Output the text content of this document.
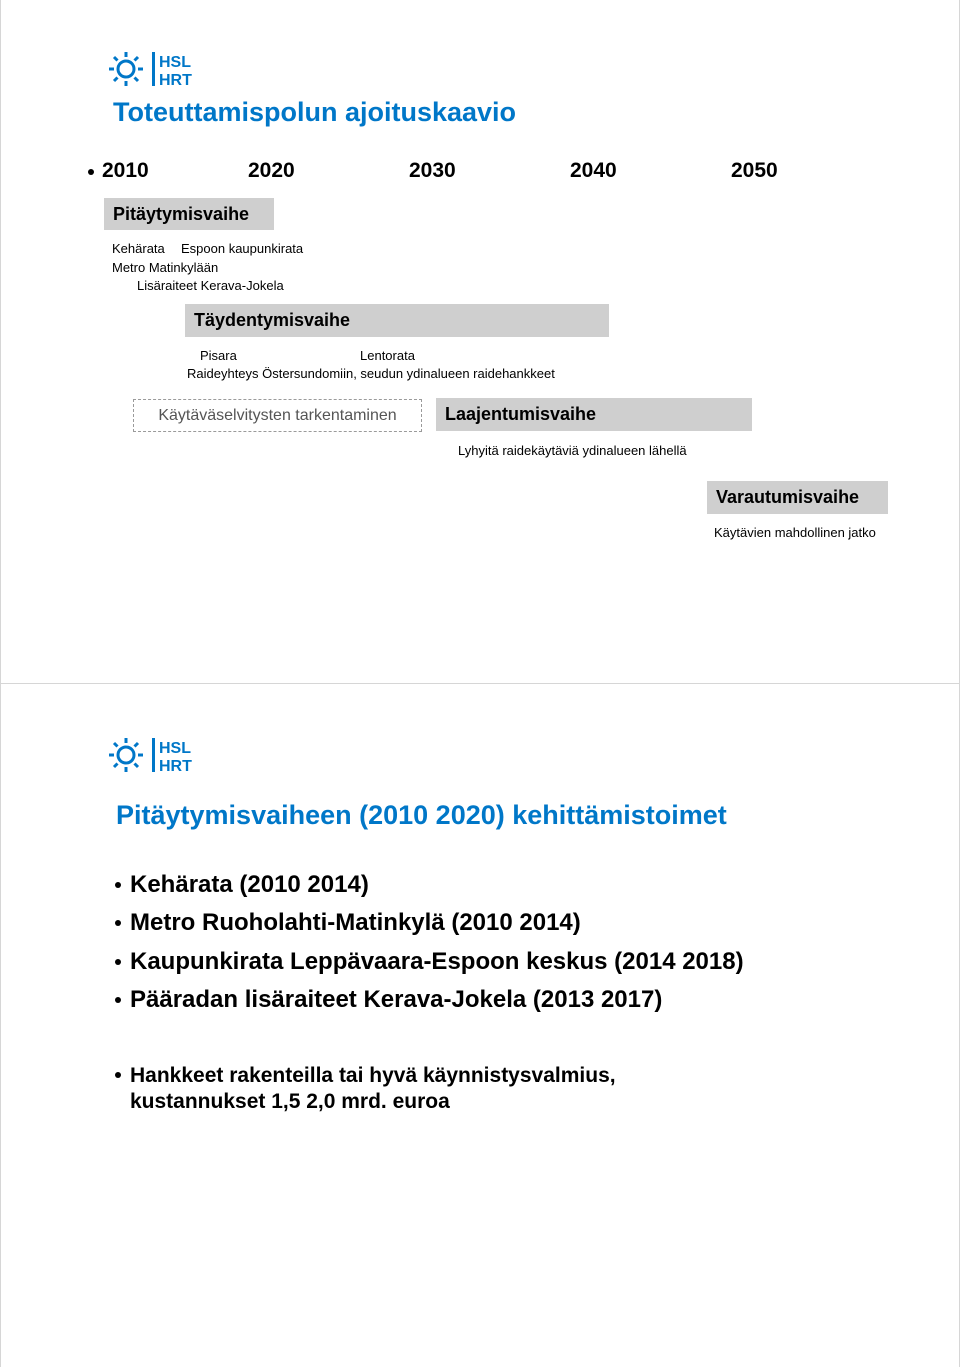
HSL
HRT
Toteuttamispolun ajoituskaavio
2010	2020	2030	2040	2050
Pitäytymisvaihe
Kehärata Espoon kaupunkirata
Metro Matinkylään
Lisäraiteet Kerava-Jokela
Täydentymisvaihe
Pisara	Lentorata
Raideyhteys Östersundomiin, seudun ydinalueen raidehankkeet
Käytäväselvitysten tarkentaminen	Laajentumisvaihe
Lyhyitä raidekäytäviä ydinalueen lähellä
Varautumisvaihe
Käytävien mahdollinen jatko
HSL
HRT
Pitäytymisvaiheen (2010 2020) kehittämistoimet
Kehärata (2010 2014)
Metro Ruoholahti-Matinkylä (2010 2014)
Kaupunkirata Leppävaara-Espoon keskus (2014 2018)
Pääradan lisäraiteet Kerava-Jokela (2013 2017)
Hankkeet rakenteilla tai hyvä käynnistysvalmius,
kustannukset 1,5 2,0 mrd. euroa
